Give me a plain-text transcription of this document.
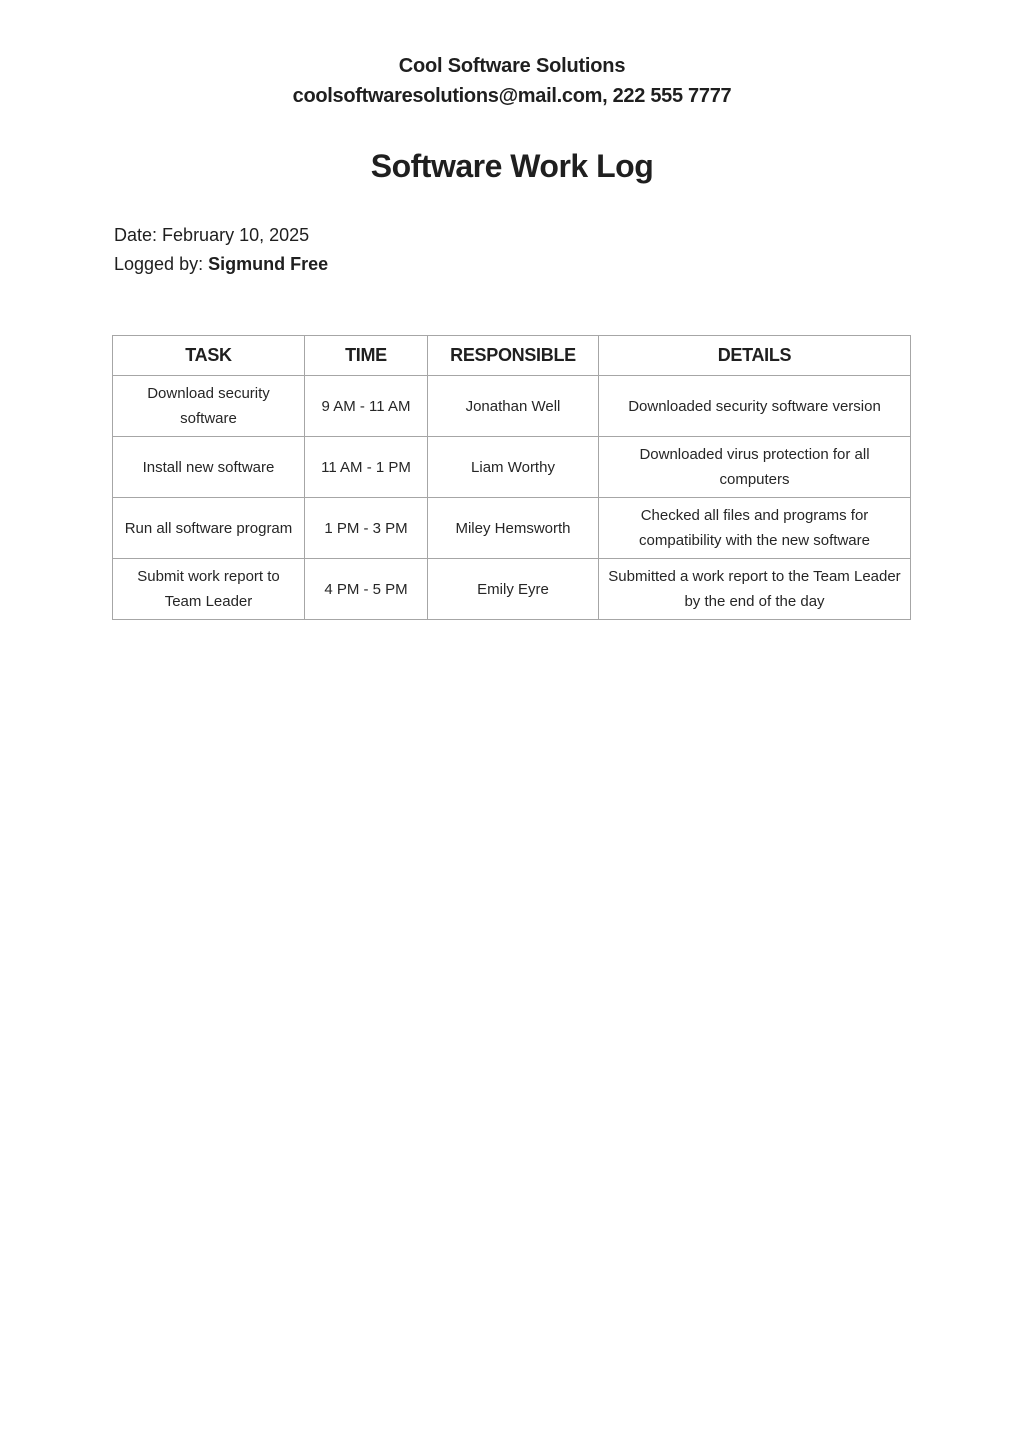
Cool Software Solutions
coolsoftwaresolutions@mail.com, 222 555 7777
Software Work Log
Date: February 10, 2025
Logged by: Sigmund Free
TASK	TIME	RESPONSIBLE	DETAILS
Download security software	9 AM - 11 AM	Jonathan Well	Downloaded security software version
Install new software	11 AM - 1 PM	Liam Worthy	Downloaded virus protection for all computers
Run all software program	1 PM - 3 PM	Miley Hemsworth	Checked all files and programs for compatibility with the new software
Submit work report to Team Leader	4 PM - 5 PM	Emily Eyre	Submitted a work report to the Team Leader by the end of the day
